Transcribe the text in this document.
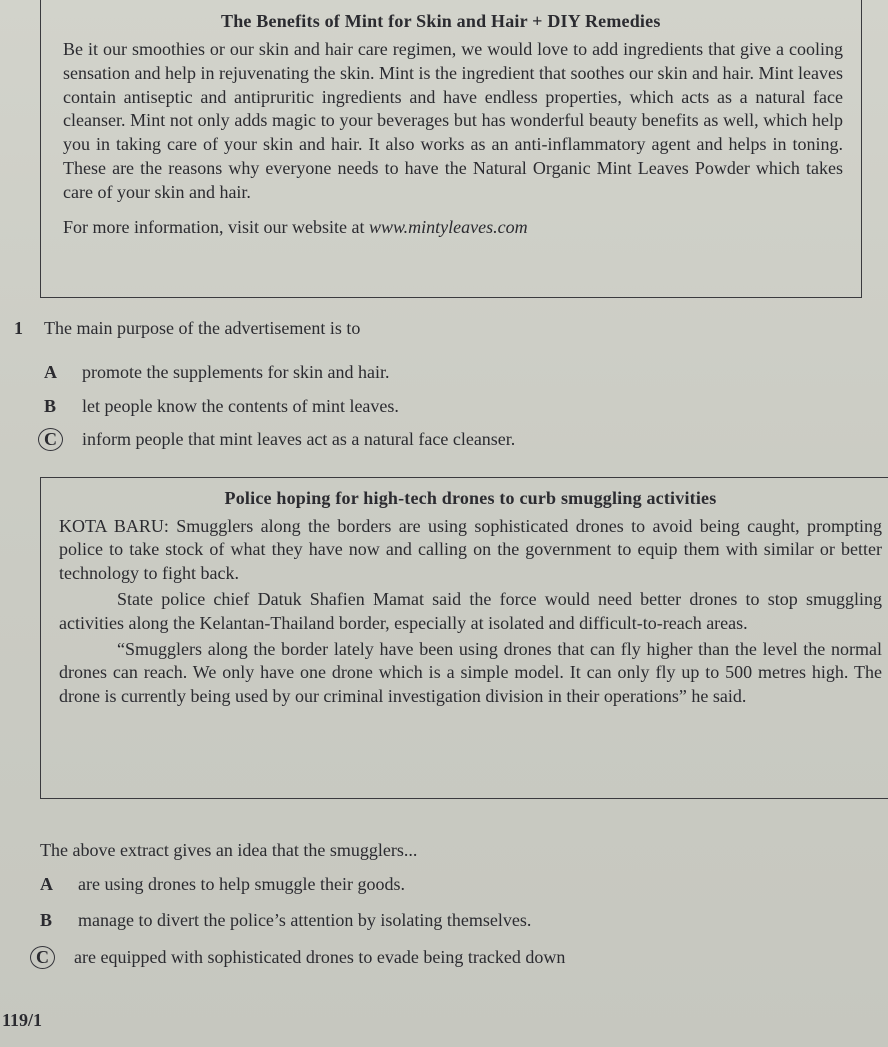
The Benefits of Mint for Skin and Hair + DIY Remedies

Be it our smoothies or our skin and hair care regimen, we would love to add ingredients that give a cooling sensation and help in rejuvenating the skin. Mint is the ingredient that soothes our skin and hair. Mint leaves contain antiseptic and antipruritic ingredients and have endless properties, which acts as a natural face cleanser. Mint not only adds magic to your beverages but has wonderful beauty benefits as well, which help you in taking care of your skin and hair. It also works as an anti-inflammatory agent and helps in toning. These are the reasons why everyone needs to have the Natural Organic Mint Leaves Powder which takes care of your skin and hair.

For more information, visit our website at www.mintyleaves.com
1 The main purpose of the advertisement is to
A promote the supplements for skin and hair.
B let people know the contents of mint leaves.
C inform people that mint leaves act as a natural face cleanser.
Police hoping for high-tech drones to curb smuggling activities

KOTA BARU: Smugglers along the borders are using sophisticated drones to avoid being caught, prompting police to take stock of what they have now and calling on the government to equip them with similar or better technology to fight back.

State police chief Datuk Shafien Mamat said the force would need better drones to stop smuggling activities along the Kelantan-Thailand border, especially at isolated and difficult-to-reach areas.

“Smugglers along the border lately have been using drones that can fly higher than the level the normal drones can reach. We only have one drone which is a simple model. It can only fly up to 500 metres high. The drone is currently being used by our criminal investigation division in their operations” he said.

The above extract gives an idea that the smugglers...
A are using drones to help smuggle their goods.
B manage to divert the police’s attention by isolating themselves.
C are equipped with sophisticated drones to evade being tracked down
119/1
